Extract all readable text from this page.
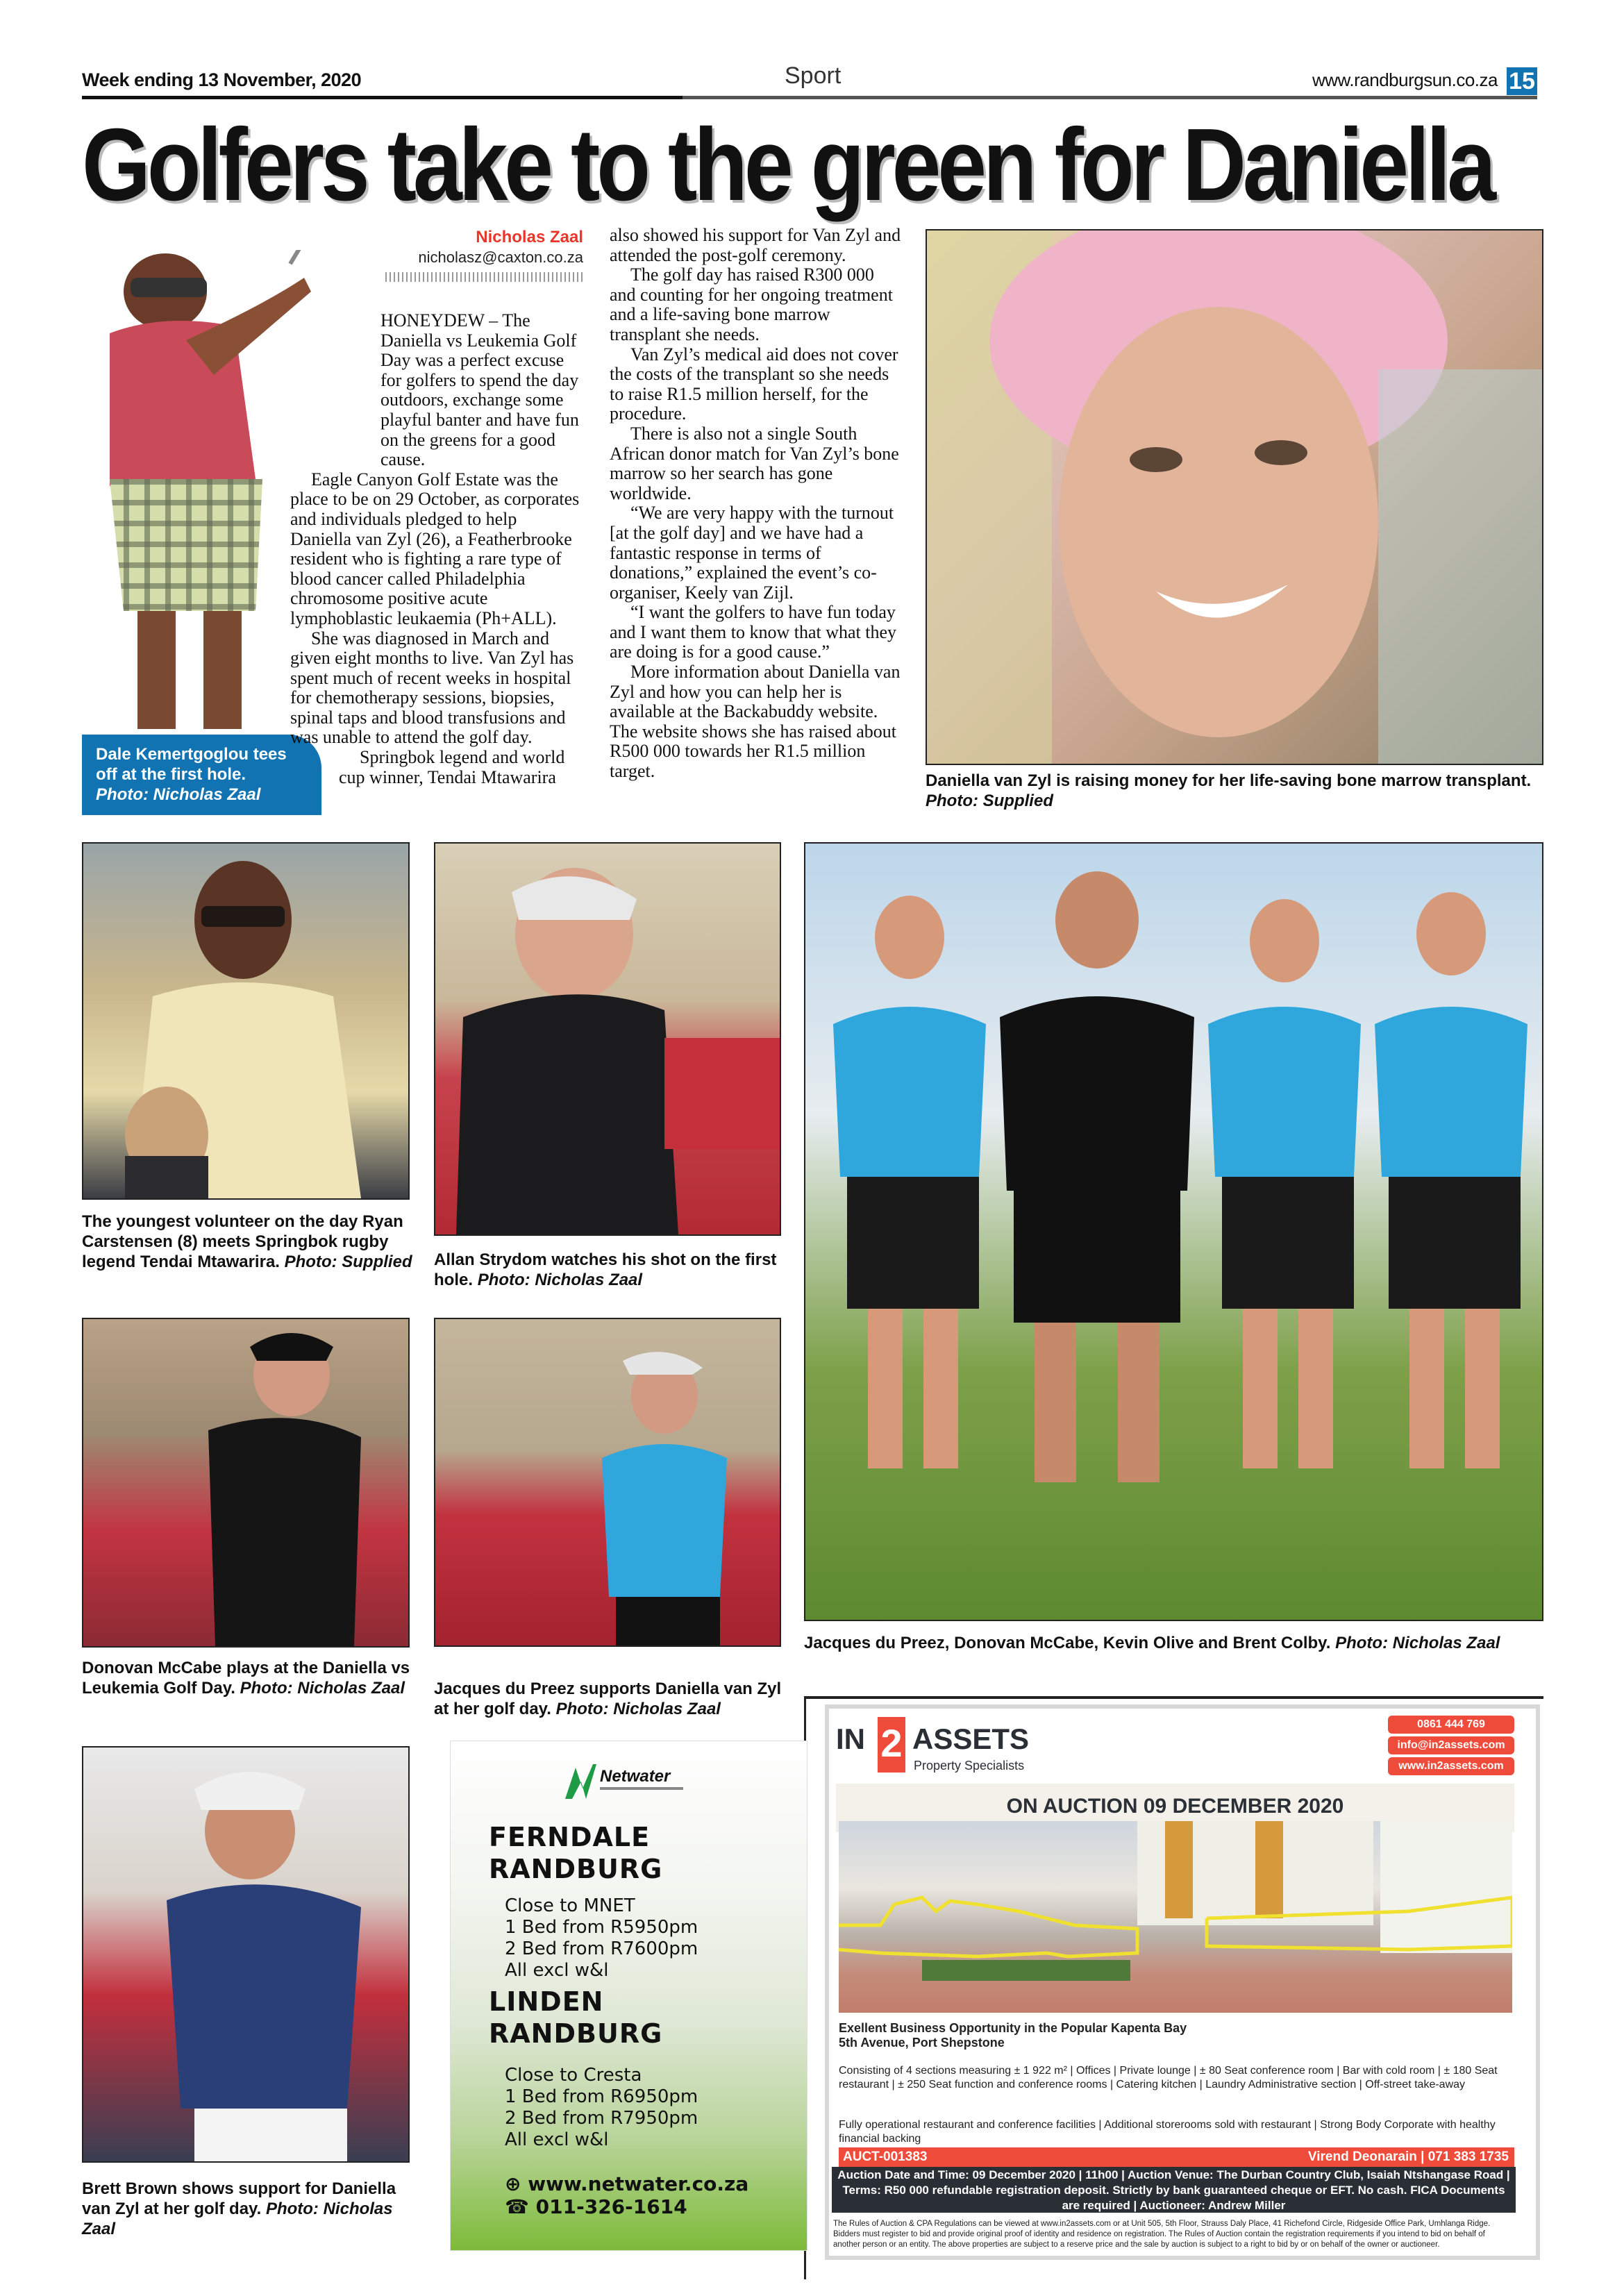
Week ending 13 November, 2020	Sport	www.randburgsun.co.za 15
Golfers take to the green for Daniella
Dale Kemertgoglou tees off at the first hole.
Photo: Nicholas Zaal
Nicholas Zaal
nicholasz@caxton.co.za

HONEYDEW – The Daniella vs Leukemia Golf Day was a perfect excuse for golfers to spend the day outdoors, exchange some playful banter and have fun on the greens for a good cause.

Eagle Canyon Golf Estate was the place to be on 29 October, as corporates and individuals pledged to help Daniella van Zyl (26), a Featherbrooke resident who is fighting a rare type of blood cancer called Philadelphia chromosome positive acute lymphoblastic leukaemia (Ph+ALL).

She was diagnosed in March and given eight months to live. Van Zyl has spent much of recent weeks in hospital for chemotherapy sessions, biopsies, spinal taps and blood transfusions and was unable to attend the golf day.

Springbok legend and world cup winner, Tendai Mtawarira

also showed his support for Van Zyl and attended the post-golf ceremony.

The golf day has raised R300 000 and counting for her ongoing treatment and a life-saving bone marrow transplant she needs.

Van Zyl’s medical aid does not cover the costs of the transplant so she needs to raise R1.5 million herself, for the procedure.

There is also not a single South African donor match for Van Zyl’s bone marrow so her search has gone worldwide.

“We are very happy with the turnout [at the golf day] and we have had a fantastic response in terms of donations,” explained the event’s co-organiser, Keely van Zijl.

“I want the golfers to have fun today and I want them to know that what they are doing is for a good cause.”

More information about Daniella van Zyl and how you can help her is available at the Backabuddy website. The website shows she has raised about R500 000 towards her R1.5 million target.	Daniella van Zyl is raising money for her life-saving bone marrow transplant. Photo: Supplied
The youngest volunteer on the day Ryan Carstensen (8) meets Springbok rugby legend Tendai Mtawarira. Photo: Supplied Allan Strydom watches his shot on the first hole. Photo: Nicholas Zaal
Jacques du Preez, Donovan McCabe, Kevin Olive and Brent Colby. Photo: Nicholas Zaal
Donovan McCabe plays at the Daniella vs Leukemia Golf Day. Photo: Nicholas Zaal	Jacques du Preez supports Daniella van Zyl at her golf day. Photo: Nicholas Zaal
Brett Brown shows support for Daniella van Zyl at her golf day. Photo: Nicholas Zaal
Netwater
FERNDALE
RANDBURG
Close to MNET
1 Bed from R5950pm
2 Bed from R7600pm
All excl w&l
LINDEN
RANDBURG
Close to Cresta
1 Bed from R6950pm
2 Bed from R7950pm
All excl w&l
⊕ www.netwater.co.za
☎ 011-326-1614
IN 2 ASSETS
Property Specialists
0861 444 769
info@in2assets.com
www.in2assets.com
ON AUCTION 09 DECEMBER 2020
Exellent Business Opportunity in the Popular Kapenta Bay
5th Avenue, Port Shepstone
Consisting of 4 sections measuring ± 1 922 m² | Offices | Private lounge | ± 80 Seat conference room | Bar with cold room | ± 180 Seat restaurant | ± 250 Seat function and conference rooms | Catering kitchen | Laundry Administrative section | Off-street take-away
Fully operational restaurant and conference facilities | Additional storerooms sold with restaurant | Strong Body Corporate with healthy financial backing
AUCT-001383	Virend Deonarain | 071 383 1735
Auction Date and Time: 09 December 2020 | 11h00 | Auction Venue: The Durban Country Club, Isaiah Ntshangase Road | Terms: R50 000 refundable registration deposit. Strictly by bank guaranteed cheque or EFT. No cash. FICA Documents are required | Auctioneer: Andrew Miller
The Rules of Auction & CPA Regulations can be viewed at www.in2assets.com or at Unit 505, 5th Floor, Strauss Daly Place, 41 Richefond Circle, Ridgeside Office Park, Umhlanga Ridge. Bidders must register to bid and provide original proof of identity and residence on registration. The Rules of Auction contain the registration requirements if you intend to bid on behalf of another person or an entity. The above properties are subject to a reserve price and the sale by auction is subject to a right to bid by or on behalf of the owner or auctioneer.
